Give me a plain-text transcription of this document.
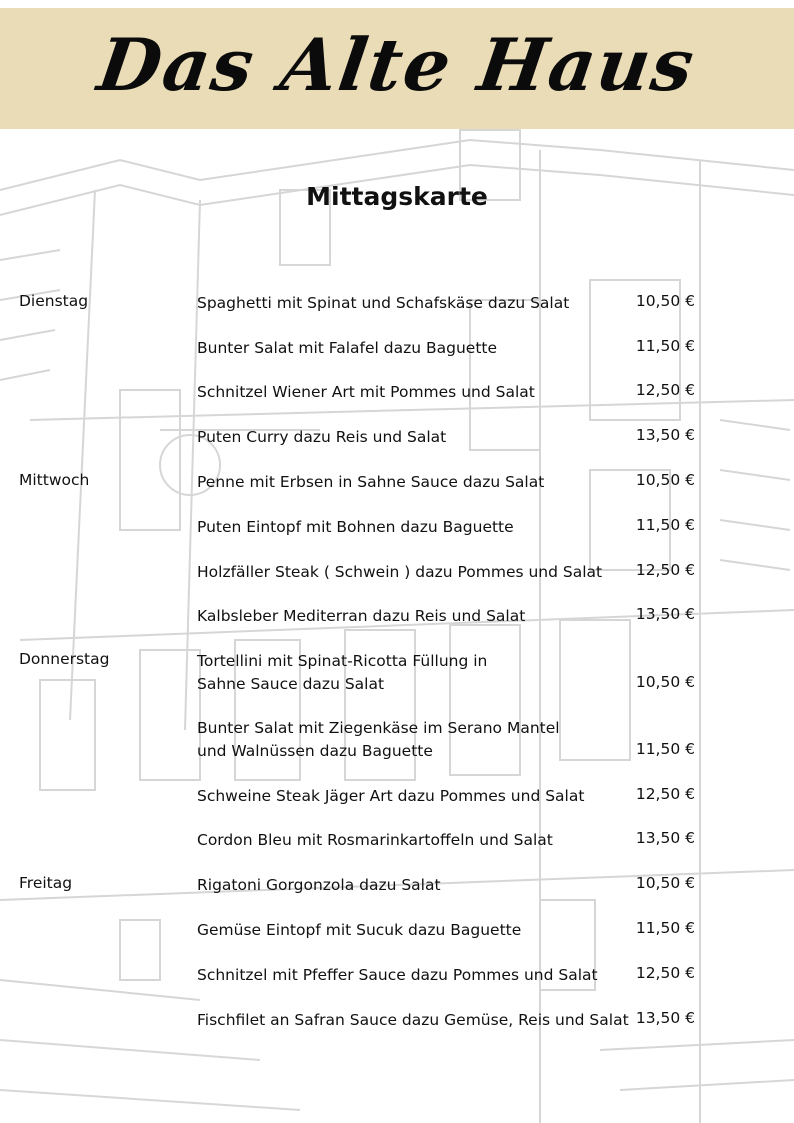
Das Alte Haus
Mittagskarte
Dienstag	Spaghetti mit Spinat und Schafskäse dazu Salat	10,50 €
Bunter Salat mit Falafel dazu Baguette	11,50 €
Schnitzel Wiener Art mit Pommes und Salat	12,50 €
Puten Curry dazu Reis und Salat	13,50 €
Mittwoch	Penne mit Erbsen in Sahne Sauce dazu Salat	10,50 €
Puten Eintopf mit Bohnen dazu Baguette	11,50 €
Holzfäller Steak ( Schwein ) dazu Pommes und Salat 12,50 €
Kalbsleber Mediterran dazu Reis und Salat	13,50 €
Donnerstag	Tortellini mit Spinat-Ricotta Füllung in
Sahne Sauce dazu Salat	10,50 €
Bunter Salat mit Ziegenkäse im Serano Mantel
und Walnüssen dazu Baguette	11,50 €
Schweine Steak Jäger Art dazu Pommes und Salat	12,50 €
Cordon Bleu mit Rosmarinkartoffeln und Salat	13,50 €
Freitag	Rigatoni Gorgonzola dazu Salat	10,50 €
Gemüse Eintopf mit Sucuk dazu Baguette	11,50 €
Schnitzel mit Pfeffer Sauce dazu Pommes und Salat 12,50 €
Fischfilet an Safran Sauce dazu Gemüse, Reis und Salat 13,50 €
